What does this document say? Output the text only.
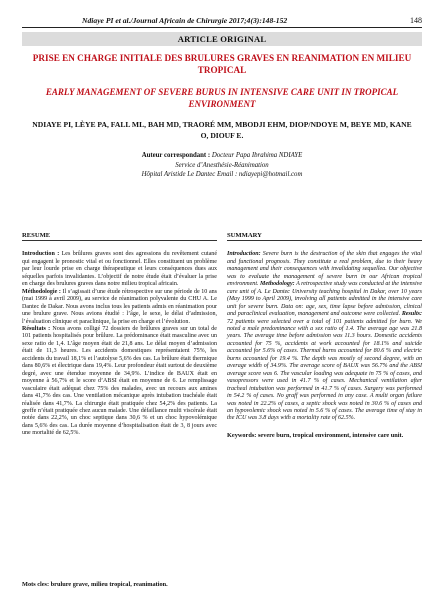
Ndiaye PI et al./Journal Africain de Chirurgie 2017;4(3):148-152	148
ARTICLE ORIGINAL
PRISE EN CHARGE INITIALE DES BRULURES GRAVES EN REANIMATION EN MILIEU TROPICAL
EARLY MANAGEMENT OF SEVERE BURUS IN INTENSIVE CARE UNIT IN TROPICAL ENVIRONMENT
NDIAYE PI, LÈYE PA, FALL ML, BAH MD, TRAORÉ MM, MBODJI EHM, DIOP/NDOYE M, BEYE MD, KANE O, DIOUF E.
Auteur correspondant : Docteur Papa Ibrahima NDIAYE
Service d’Anesthésie-Réanimation
Hôpital Aristide Le Dantec Email : ndiayepi@hotmail.com
RESUME

Introduction : Les brûlures graves sont des agressions du revêtement cutané qui engagent le pronostic vital et ou fonctionnel. Elles constituent un problème par leur lourde prise en charge thérapeutique et leurs conséquences dues aux séquelles parfois invalidantes. L’objectif de notre étude était d’évaluer la prise en charge des brulures graves dans notre milieu tropical africain.
Méthodologie : Il s’agissait d’une étude rétrospective sur une période de 10 ans (mai 1999 à avril 2009), au service de réanimation polyvalente du CHU A. Le Dantec de Dakar. Nous avons inclus tous les patients admis en réanimation pour une brulure grave. Nous avions étudié : l’âge, le sexe, le délai d’admission, l’évaluation clinique et paraclinique, la prise en charge et l’évolution.
Résultats : Nous avons colligé 72 dossiers de brûlures graves sur un total de 101 patients hospitalisés pour brûlure. La prédominance était masculine avec un sexe ratio de 1,4. L’âge moyen était de 21,8 ans. Le délai moyen d’admission était de 11,3 heures. Les accidents domestiques représentaient 75%, les accidents du travail 18,1% et l’autolyse 5,6% des cas. La brûlure était thermique dans 80,6% et électrique dans 19,4%. Leur profondeur était surtout de deuxième degré, avec une étendue moyenne de 34,9%. L’indice de BAUX était en moyenne à 56,7% et le score d’ABSI était en moyenne de 6. Le remplissage vasculaire était adéquat chez 75% des malades, avec un recours aux amines dans 41,7% des cas. Une ventilation mécanique après intubation trachéale était réalisée dans 41,7%. La chirurgie était pratiquée chez 54,2% des patients. La greffe n’était pratiquée chez aucun malade. Une défaillance multi viscérale était notée dans 22,2%, un choc septique dans 30,6 % et un choc hypovolémique dans 5,6% des cas. La durée moyenne d’hospitalisation était de 3, 8 jours avec une mortalité de 62,5%.

Mots cles: brulure grave, milieu tropical, reanimation.
SUMMARY

Introduction: Severe burn is the destruction of the skin that engages the vital and functional prognosis. They constitute a real problem, due to their heavy management and their consequences with invalidating sequellea. Our objective was to evaluate the management of severe burn in our African tropical environment. Methodology: A retrospective study was conducted at the intensive care unit of A. Le Dantec University teaching hospital in Dakar, over 10 years (May 1999 to April 2009), involving all patients admitted in the intensive care unit for severe burn. Data on: age, sex, time lapse before admission, clinical and paraclinical evaluation, management and outcome were collected. Results: 72 patients were selected over a total of 101 patients admitted for burn. We noted a male predominance with a sex ratio of 1.4. The average age was 21.8 years. The average time before admission was 11.3 hours. Domestic accidents accounted for 75 %, accidents at work accounted for 18.1% and suicide accounted for 5.6% of cases. Thermal burns accounted for 80.6 % and electric burns accounted for 19.4 %. The depth was mostly of second degree, with an average width of 34.9%. The average score of BAUX was 56.7% and the ABSI average score was 6. The vascular loading was adequate in 75 % of cases, and vasopressors were used in 41.7 % of cases. Mechanical ventilation after tracheal intubation was performed in 41.7 % of cases. Surgery was performed in 54.2 % of cases. No graff was performed in any case. A multi organ failure was noted in 22.2% of cases, a septic shock was noted in 30.6 % of cases and an hypovolemic shock was noted in 5.6 % of cases. The average time of stay in the ICU was 3.8 days with a mortality rate of 62.5%.

Keywords: severe burn, tropical environment, intensive care unit.
